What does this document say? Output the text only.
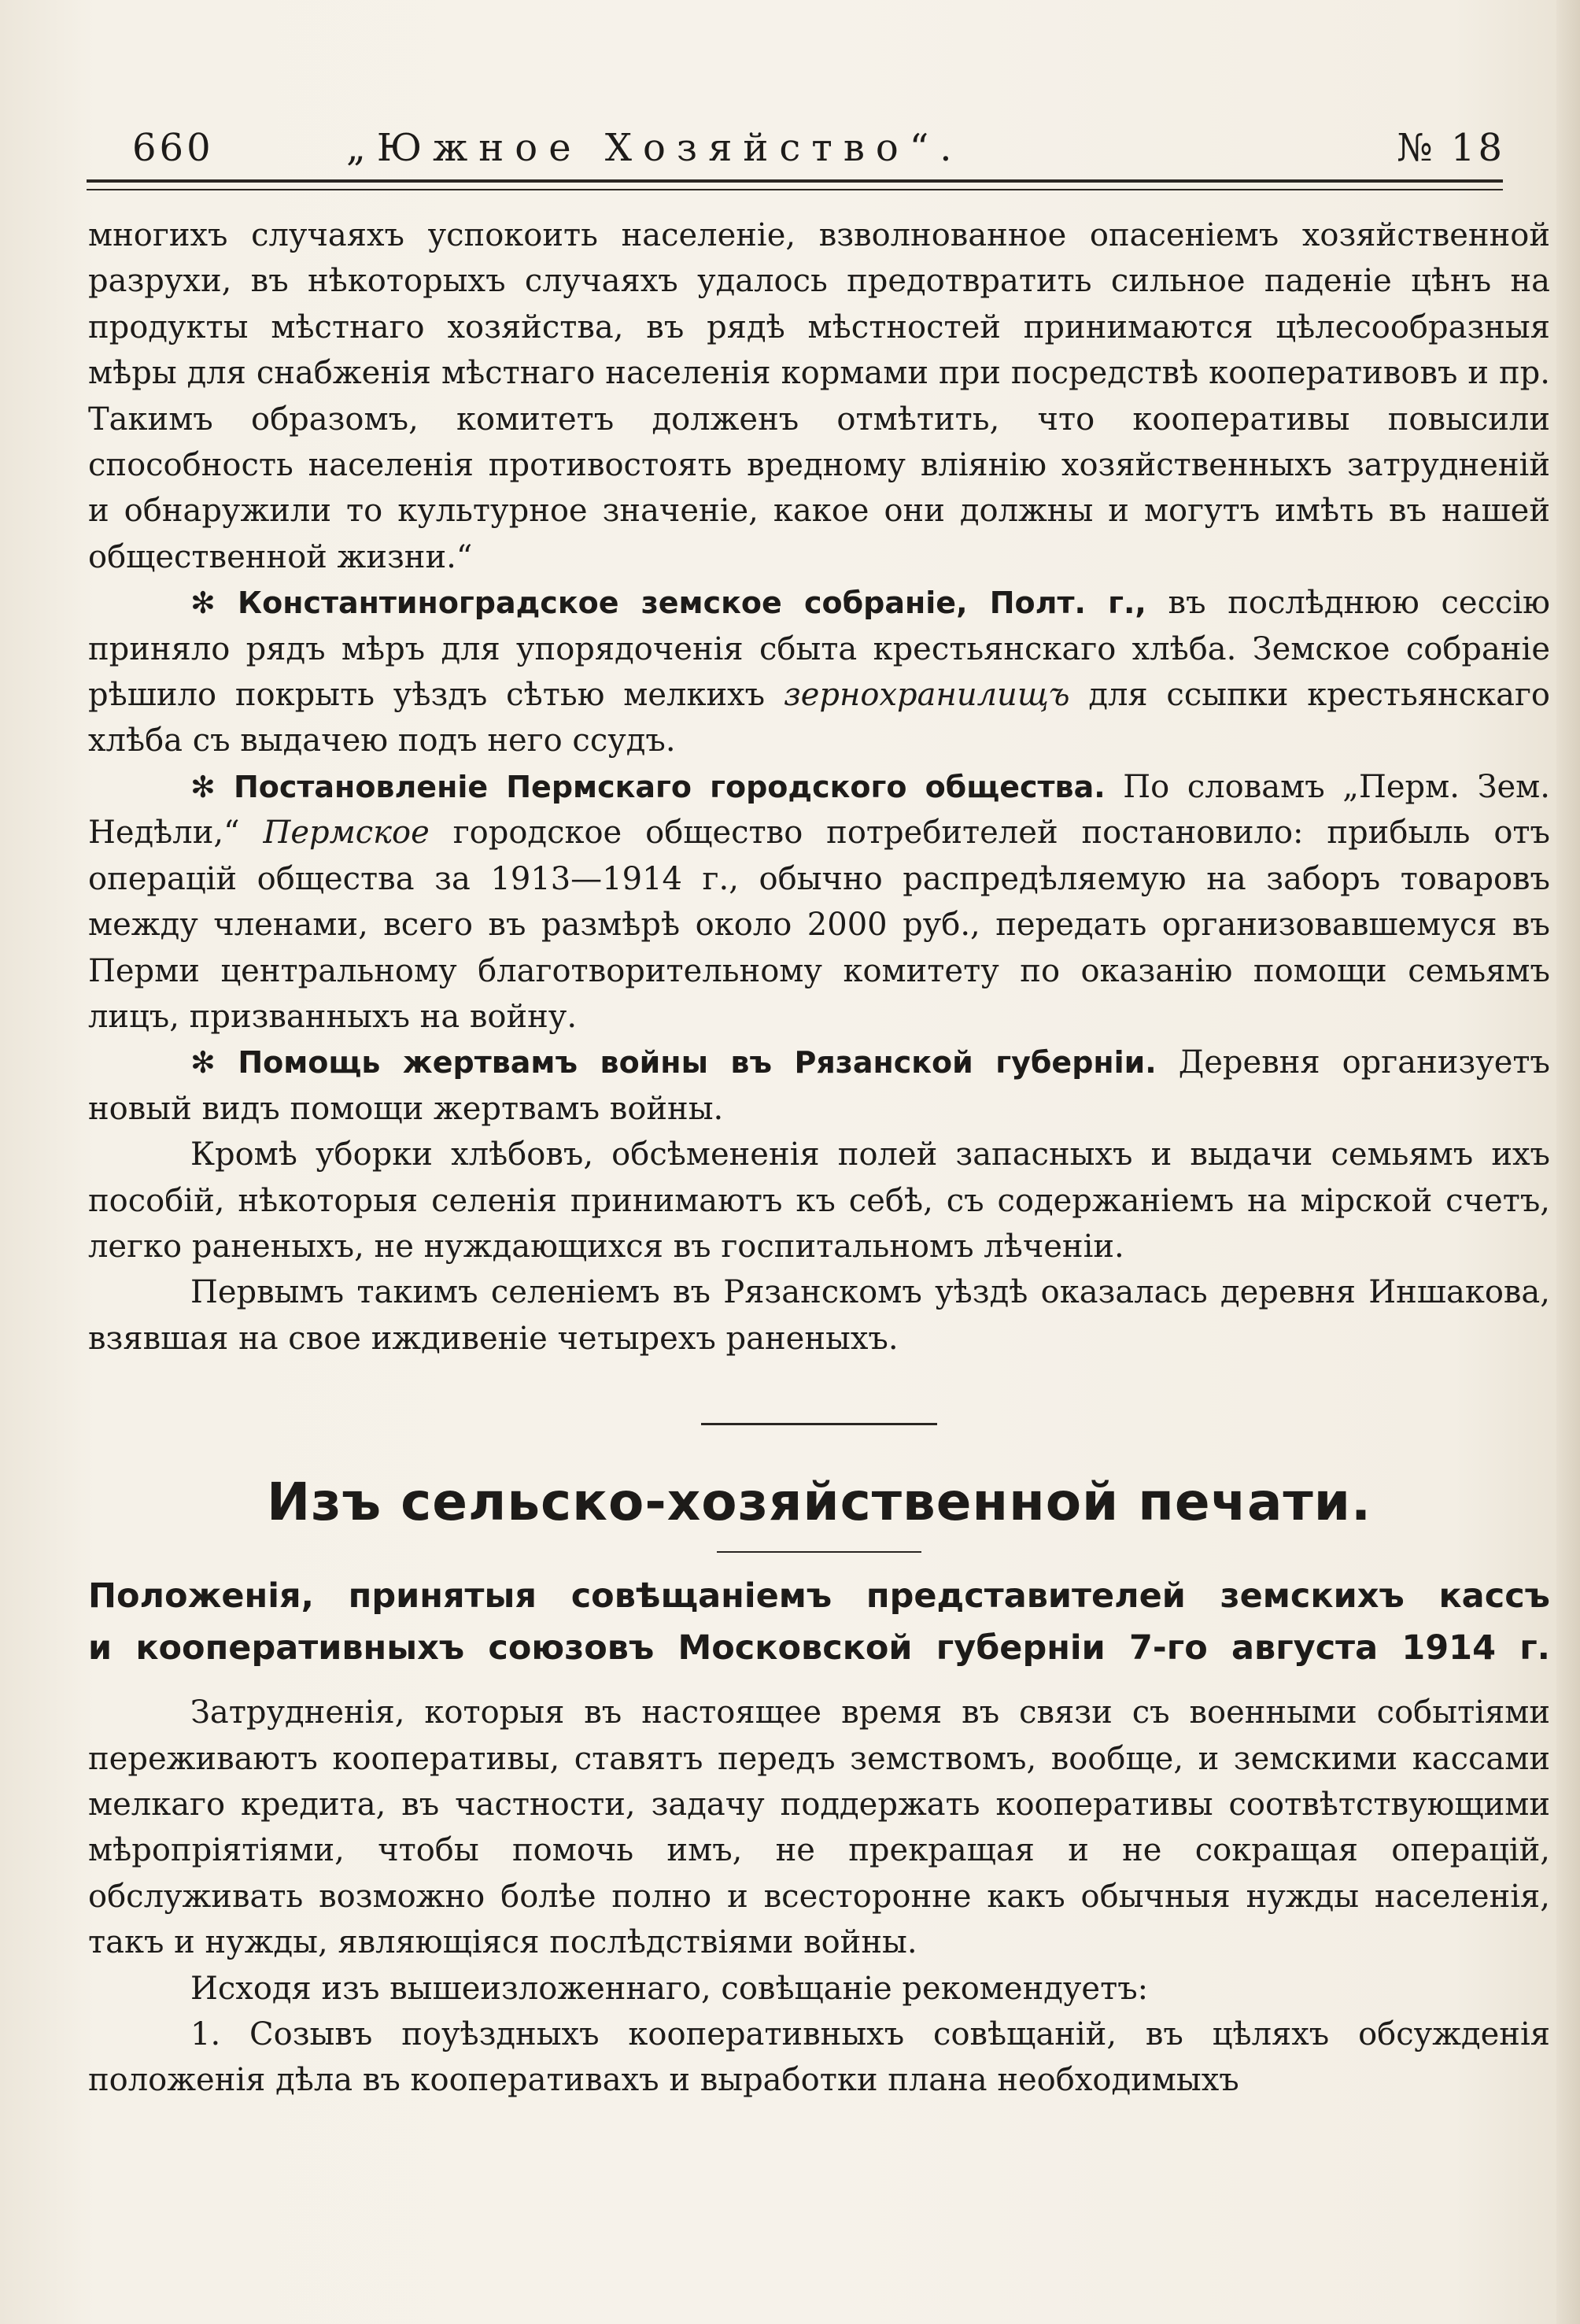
660	„Южное Хозяйство“.	№ 18

многихъ случаяхъ успокоить населеніе, взволнованное опасеніемъ хозяйственной разрухи, въ нѣкоторыхъ случаяхъ удалось предотвратить сильное паденіе цѣнъ на продукты мѣстнаго хозяйства, въ рядѣ мѣстностей принимаются цѣлесообразныя мѣры для снабженія мѣстнаго населенія кормами при посредствѣ кооперативовъ и пр. Такимъ образомъ, комитетъ долженъ отмѣтить, что кооперативы повысили способность населенія противостоять вредному вліянію хозяйственныхъ затрудненій и обнаружили то культурное значеніе, какое они должны и могутъ имѣть въ нашей общественной жизни.“

✻ Константиноградское земское собраніе, Полт. г., въ послѣднюю сессію приняло рядъ мѣръ для упорядоченія сбыта крестьянскаго хлѣба. Земское собраніе рѣшило покрыть уѣздъ сѣтью мелкихъ зернохранилищъ для ссыпки крестьянскаго хлѣба съ выдачею подъ него ссудъ.

✻ Постановленіе Пермскаго городского общества. По словамъ „Перм. Зем. Недѣли,“ Пермское городское общество потребителей постановило: прибыль отъ операцій общества за 1913—1914 г., обычно распредѣляемую на заборъ товаровъ между членами, всего въ размѣрѣ около 2000 руб., передать организовавшемуся въ Перми центральному благотворительному комитету по оказанію помощи семьямъ лицъ, призванныхъ на войну.

✻ Помощь жертвамъ войны въ Рязанской губерніи. Деревня организуетъ новый видъ помощи жертвамъ войны.

Кромѣ уборки хлѣбовъ, обсѣмененія полей запасныхъ и выдачи семьямъ ихъ пособій, нѣкоторыя селенія принимаютъ къ себѣ, съ содержаніемъ на мірской счетъ, легко раненыхъ, не нуждающихся въ госпитальномъ лѣченіи.

Первымъ такимъ селеніемъ въ Рязанскомъ уѣздѣ оказалась деревня Иншакова, взявшая на свое иждивеніе четырехъ раненыхъ.

Изъ сельско-хозяйственной печати.
Положенія, принятыя совѣщаніемъ представителей земскихъ кассъ
и кооперативныхъ союзовъ Московской губерніи 7-го августа 1914 г.

Затрудненія, которыя въ настоящее время въ связи съ военными событіями переживаютъ кооперативы, ставятъ передъ земствомъ, вообще, и земскими кассами мелкаго кредита, въ частности, задачу поддержать кооперативы соотвѣтствующими мѣропріятіями, чтобы помочь имъ, не прекращая и не сокращая операцій, обслуживать возможно болѣе полно и всесторонне какъ обычныя нужды населенія, такъ и нужды, являющіяся послѣдствіями войны.

Исходя изъ вышеизложеннаго, совѣщаніе рекомендуетъ:

1. Созывъ поуѣздныхъ кооперативныхъ совѣщаній, въ цѣляхъ обсужденія положенія дѣла въ кооперативахъ и выработки плана необходимыхъ
